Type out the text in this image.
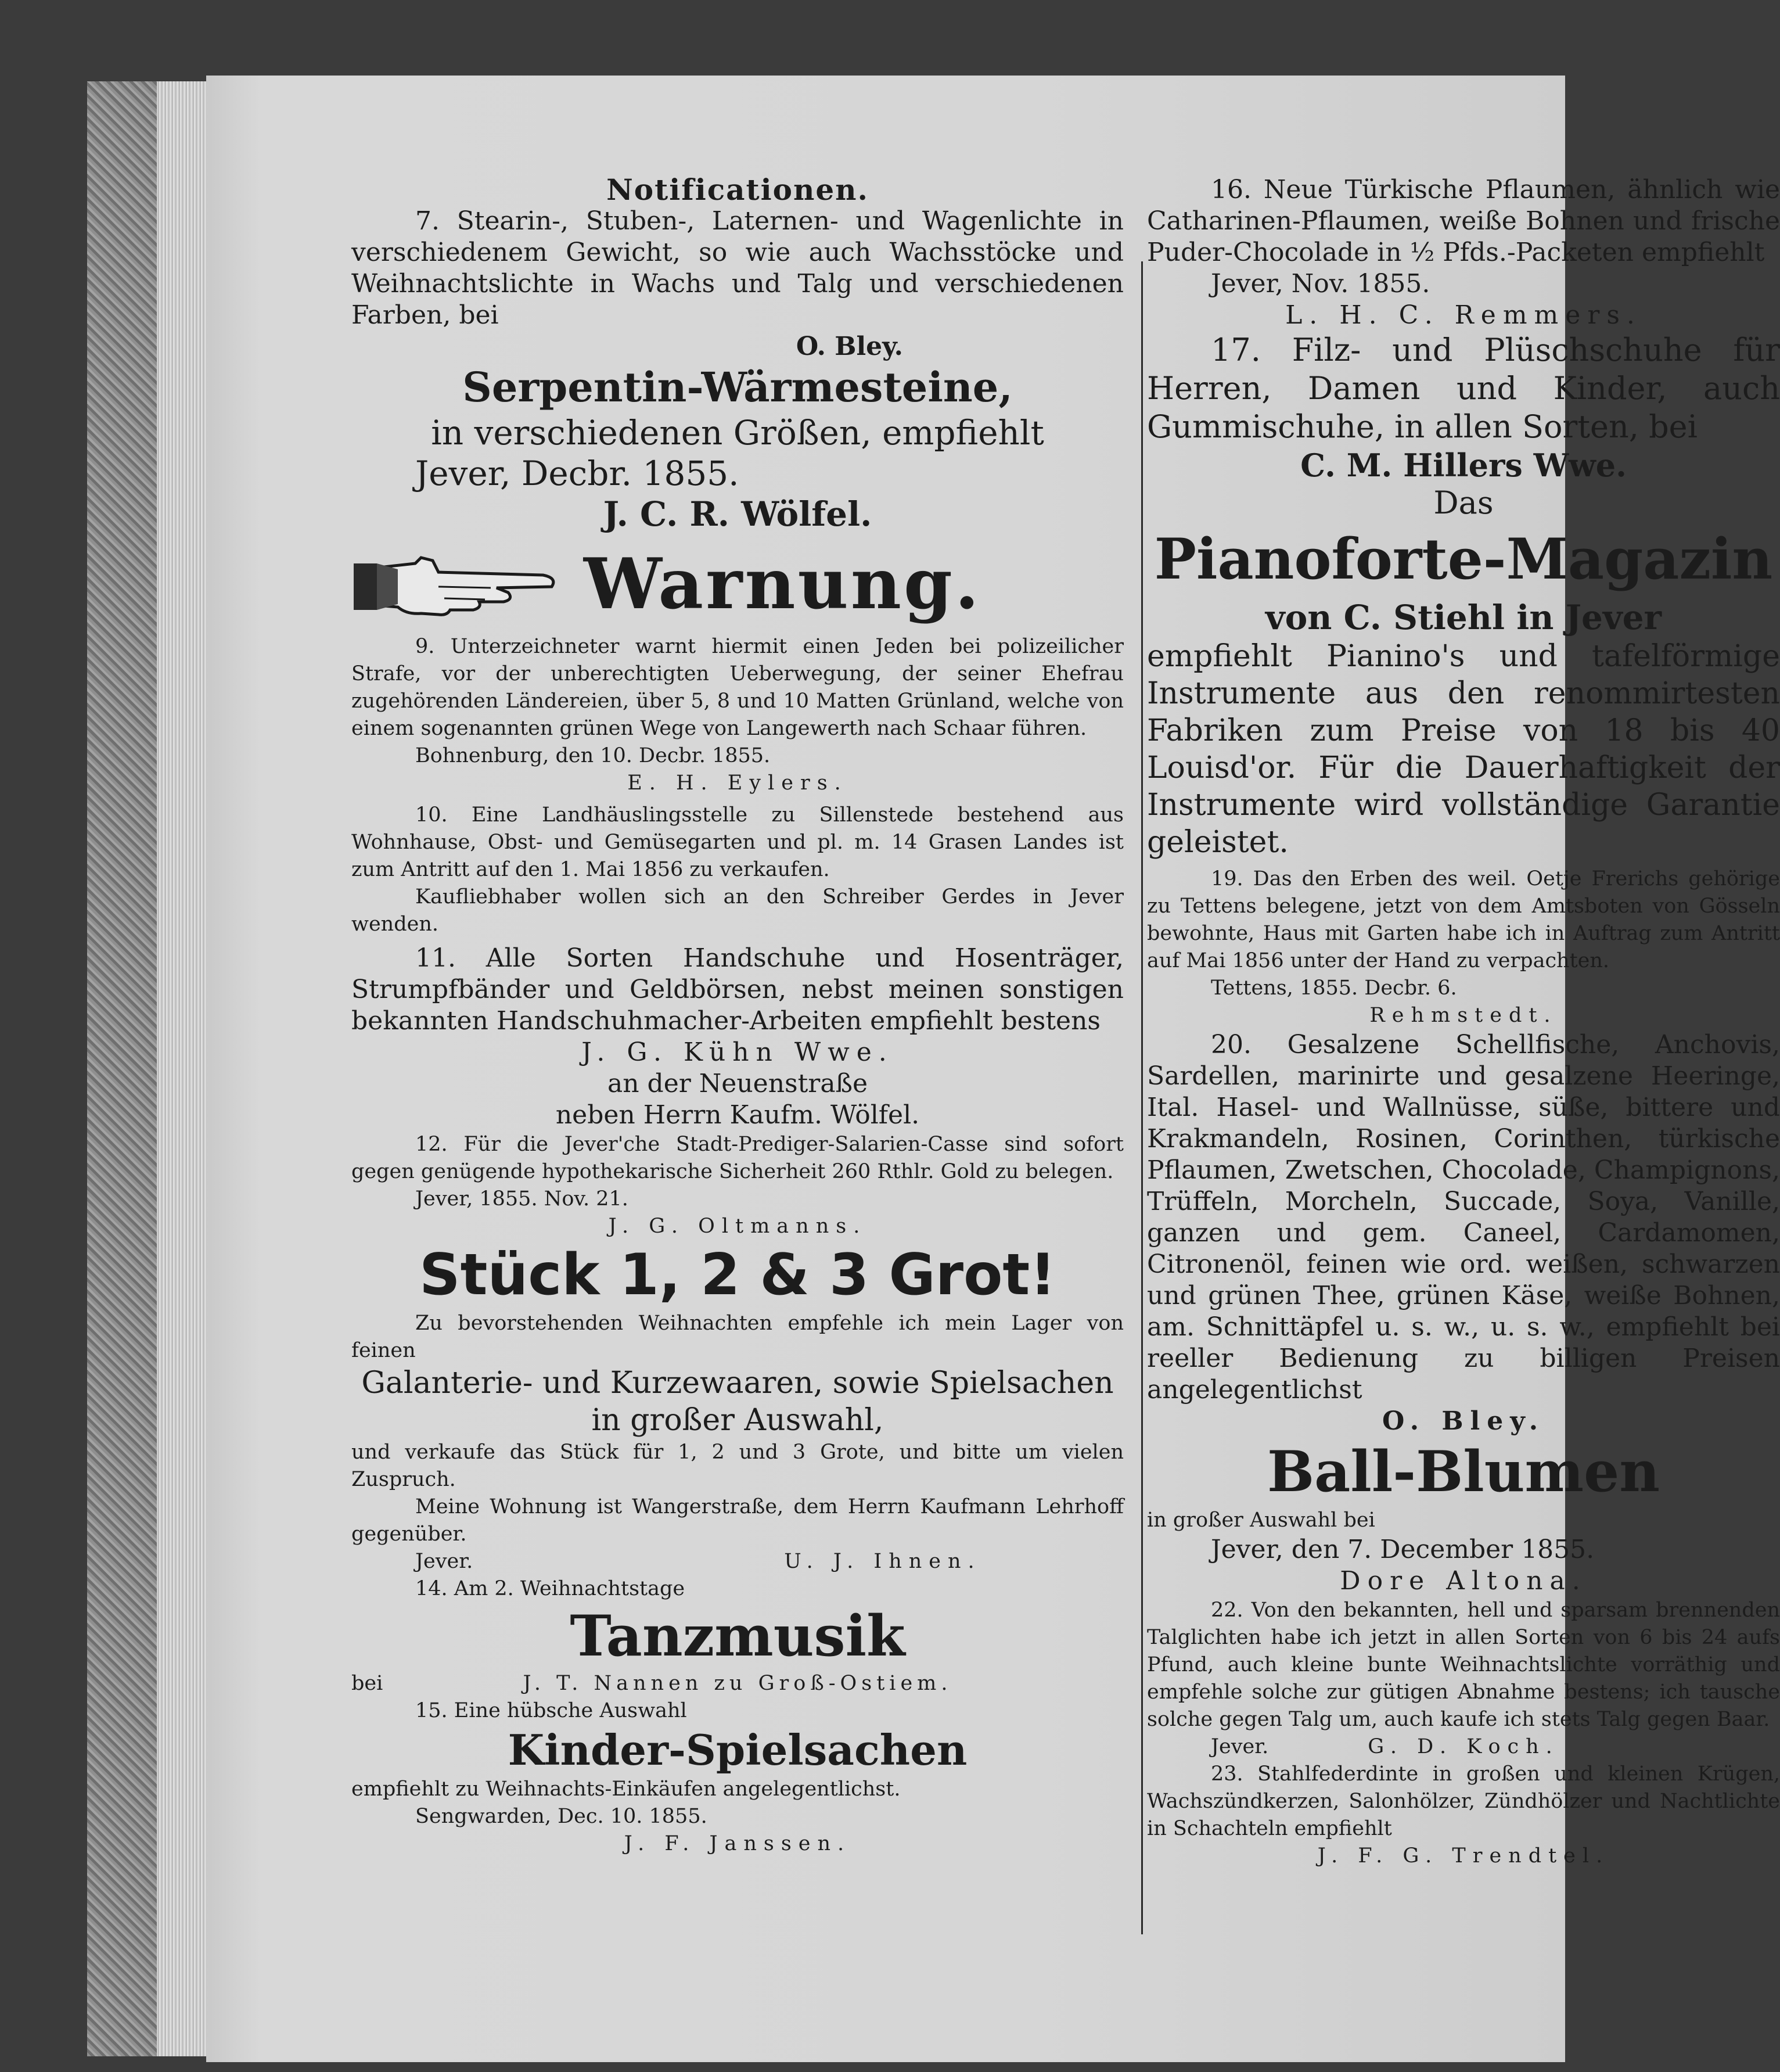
Notificationen.

7. Stearin-, Stuben-, Laternen- und Wagenlichte in verschiedenem Gewicht, so wie auch Wachsstöcke und Weihnachtslichte in Wachs und Talg und verschiedenen Farben, bei

O. Bley.

Serpentin-Wärmesteine,

in verschiedenen Größen, empfiehlt

Jever, Decbr. 1855.

J. C. R. Wölfel.

Warnung.

9. Unterzeichneter warnt hiermit einen Jeden bei polizeilicher Strafe, vor der unberechtigten Ueberwegung, der seiner Ehefrau zugehörenden Ländereien, über 5, 8 und 10 Matten Grünland, welche von einem sogenannten grünen Wege von Langewerth nach Schaar führen.

Bohnenburg, den 10. Decbr. 1855.

E. H. Eylers.

10. Eine Landhäuslingsstelle zu Sillenstede bestehend aus Wohnhause, Obst- und Gemüsegarten und pl. m. 14 Grasen Landes ist zum Antritt auf den 1. Mai 1856 zu verkaufen.

Kaufliebhaber wollen sich an den Schreiber Gerdes in Jever wenden.

11. Alle Sorten Handschuhe und Hosenträger, Strumpfbänder und Geldbörsen, nebst meinen sonstigen bekannten Handschuhmacher-Arbeiten empfiehlt bestens

J. G. Kühn Wwe.

an der Neuenstraße

neben Herrn Kaufm. Wölfel.

12. Für die Jever'che Stadt-Prediger-Salarien-Casse sind sofort gegen genügende hypothekarische Sicherheit 260 Rthlr. Gold zu belegen.

Jever, 1855. Nov. 21.

J. G. Oltmanns.

Stück 1, 2 & 3 Grot!

Zu bevorstehenden Weihnachten empfehle ich mein Lager von feinen

Galanterie- und Kurzewaaren, sowie Spielsachen in großer Auswahl,

und verkaufe das Stück für 1, 2 und 3 Grote, und bitte um vielen Zuspruch.

Meine Wohnung ist Wangerstraße, dem Herrn Kaufmann Lehrhoff gegenüber.

Jever.	U. J. Ihnen.

14. Am 2. Weihnachtstage

Tanzmusik

bei	J. T. Nannen zu Groß-Ostiem.

15. Eine hübsche Auswahl

Kinder-Spielsachen

empfiehlt zu Weihnachts-Einkäufen angelegentlichst.

Sengwarden, Dec. 10. 1855.

J. F. Janssen.

16. Neue Türkische Pflaumen, ähnlich wie Catharinen-Pflaumen, weiße Bohnen und frische Puder-Chocolade in ½ Pfds.-Packeten empfiehlt

Jever, Nov. 1855.

L. H. C. Remmers.

17. Filz- und Plüschschuhe für Herren, Damen und Kinder, auch Gummischuhe, in allen Sorten, bei

C. M. Hillers Wwe.

Das

Pianoforte-Magazin

von C. Stiehl in Jever

empfiehlt Pianino's und tafelförmige Instrumente aus den renommirtesten Fabriken zum Preise von 18 bis 40 Louisd'or. Für die Dauerhaftigkeit der Instrumente wird vollständige Garantie geleistet.

19. Das den Erben des weil. Oetje Frerichs gehörige zu Tettens belegene, jetzt von dem Amtsboten von Gösseln bewohnte, Haus mit Garten habe ich in Auftrag zum Antritt auf Mai 1856 unter der Hand zu verpachten.

Tettens, 1855. Decbr. 6.

Rehmstedt.

20. Gesalzene Schellfische, Anchovis, Sardellen, marinirte und gesalzene Heeringe, Ital. Hasel- und Wallnüsse, süße, bittere und Krakmandeln, Rosinen, Corinthen, türkische Pflaumen, Zwetschen, Chocolade, Champignons, Trüffeln, Morcheln, Succade, Soya, Vanille, ganzen und gem. Caneel, Cardamomen, Citronenöl, feinen wie ord. weißen, schwarzen und grünen Thee, grünen Käse, weiße Bohnen, am. Schnittäpfel u. s. w., u. s. w., empfiehlt bei reeller Bedienung zu billigen Preisen angelegentlichst

O. Bley.

Ball-Blumen

in großer Auswahl bei

Jever, den 7. December 1855.

Dore Altona.

22. Von den bekannten, hell und sparsam brennenden Talglichten habe ich jetzt in allen Sorten von 6 bis 24 aufs Pfund, auch kleine bunte Weihnachtslichte vorräthig und empfehle solche zur gütigen Abnahme bestens; ich tausche solche gegen Talg um, auch kaufe ich stets Talg gegen Baar.

Jever.	G. D. Koch.

23. Stahlfederdinte in großen und kleinen Krügen, Wachszündkerzen, Salonhölzer, Zündhölzer und Nachtlichte in Schachteln empfiehlt

J. F. G. Trendtel.
